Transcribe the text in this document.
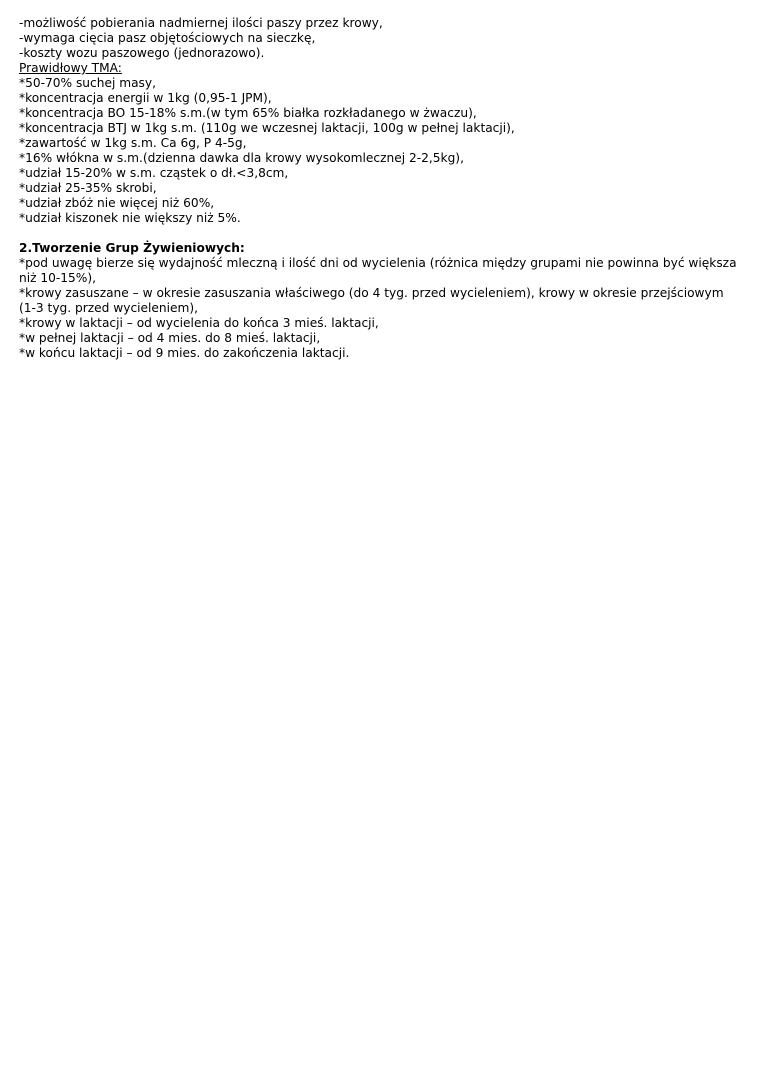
-możliwość pobierania nadmiernej ilości paszy przez krowy,
-wymaga cięcia pasz objętościowych na sieczkę,
-koszty wozu paszowego (jednorazowo).
Prawidłowy TMA:
*50-70% suchej masy,
*koncentracja energii w 1kg (0,95-1 JPM),
*koncentracja BO 15-18% s.m.(w tym 65% białka rozkładanego w żwaczu),
*koncentracja BTJ w 1kg s.m. (110g we wczesnej laktacji, 100g w pełnej laktacji),
*zawartość w 1kg s.m. Ca 6g, P 4-5g,
*16% włókna w s.m.(dzienna dawka dla krowy wysokomlecznej 2-2,5kg),
*udział 15-20% w s.m. cząstek o dł.<3,8cm,
*udział 25-35% skrobi,
*udział zbóż nie więcej niż 60%,
*udział kiszonek nie większy niż 5%.
2.Tworzenie Grup Żywieniowych:
*pod uwagę bierze się wydajność mleczną i ilość dni od wycielenia (różnica między grupami nie powinna być większa niż 10-15%),
*krowy zasuszane – w okresie zasuszania właściwego (do 4 tyg. przed wycieleniem), krowy w okresie przejściowym (1-3 tyg. przed wycieleniem),
*krowy w laktacji – od wycielenia do końca 3 mieś. laktacji,
*w pełnej laktacji – od 4 mies. do 8 mieś. laktacji,
*w końcu laktacji – od 9 mies. do zakończenia laktacji.
